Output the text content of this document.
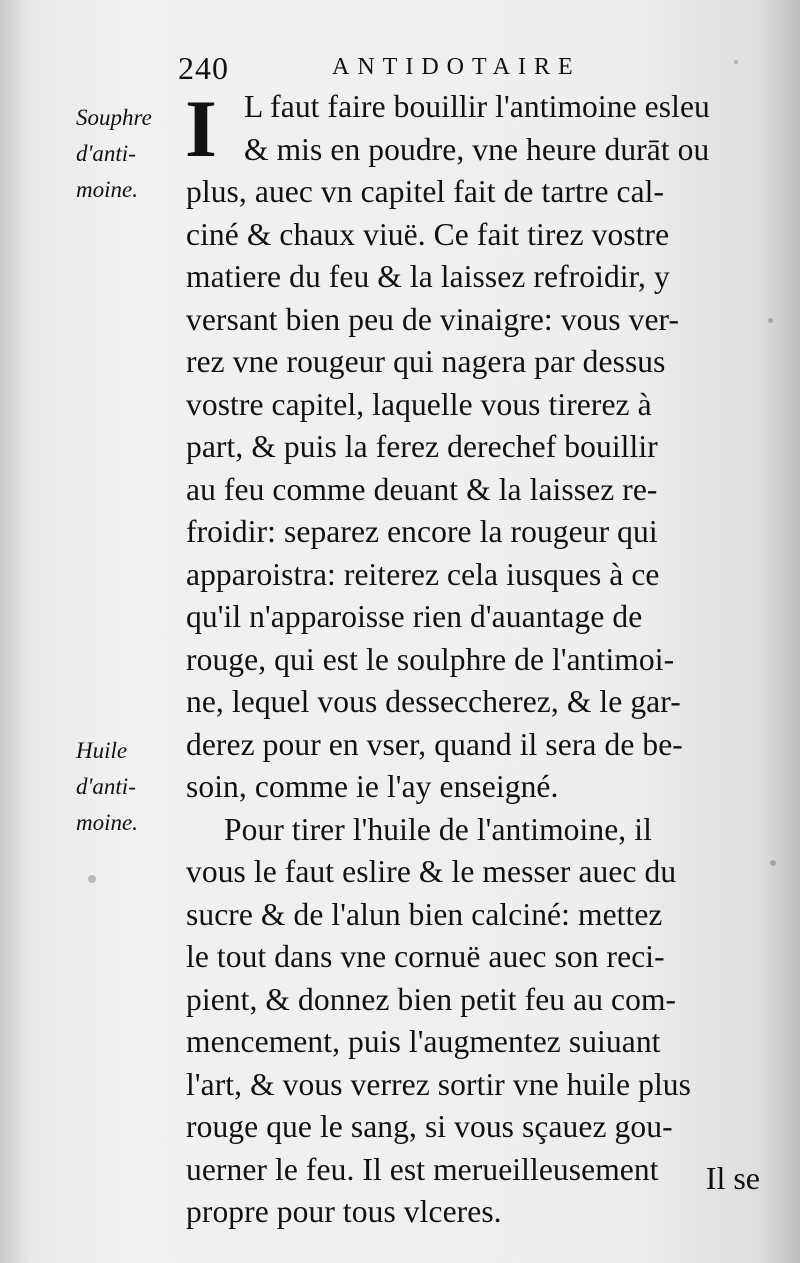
240	ANTIDOTAIRE
Souphre
d'anti-
moine.
Huile
d'anti-
moine.
I L faut faire bouillir l'antimoine esleu
& mis en poudre, vne heure durāt ou
plus, auec vn capitel fait de tartre cal-
ciné & chaux viuë. Ce fait tirez vostre
matiere du feu & la laissez refroidir, y
versant bien peu de vinaigre: vous ver-
rez vne rougeur qui nagera par dessus
vostre capitel, laquelle vous tirerez à
part, & puis la ferez derechef bouillir
au feu comme deuant & la laissez re-
froidir: separez encore la rougeur qui
apparoistra: reiterez cela iusques à ce
qu'il n'apparoisse rien d'auantage de
rouge, qui est le soulphre de l'antimoi-
ne, lequel vous desseccherez, & le gar-
derez pour en vser, quand il sera de be-
soin, comme ie l'ay enseigné.
Pour tirer l'huile de l'antimoine, il
vous le faut eslire & le messer auec du
sucre & de l'alun bien calciné: mettez
le tout dans vne cornuë auec son reci-
pient, & donnez bien petit feu au com-
mencement, puis l'augmentez suiuant
l'art, & vous verrez sortir vne huile plus
rouge que le sang, si vous sçauez gou-
uerner le feu. Il est merueilleusement
propre pour tous vlceres.
Il se
